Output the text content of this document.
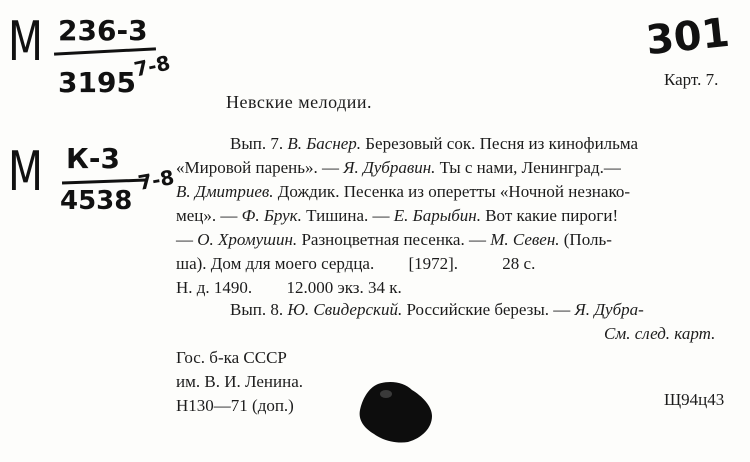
М 236-3
3195
7-8
М К-3
4538
7-8
301
Карт. 7.
Невские мелодии.
Вып. 7. В. Баснер. Березовый сок. Песня из кинофильма
«Мировой парень». — Я. Дубравин. Ты с нами, Ленинград.—
В. Дмитриев. Дождик. Песенка из оперетты «Ночной незнако-
мец». — Ф. Брук. Тишина. — Е. Барыбин. Вот какие пироги!
— О. Хромушин. Разноцветная песенка. — М. Севен. (Поль-
ша). Дом для моего сердца. [1972].	28 с.
Н. д. 1490. 12.000 экз. 34 к.
Вып. 8. Ю. Свидерский. Российские березы. — Я. Дубра-
См. след. карт.
Гос. б-ка СССР
им. В. И. Ленина.
Н130—71 (доп.)	Щ94ц43
